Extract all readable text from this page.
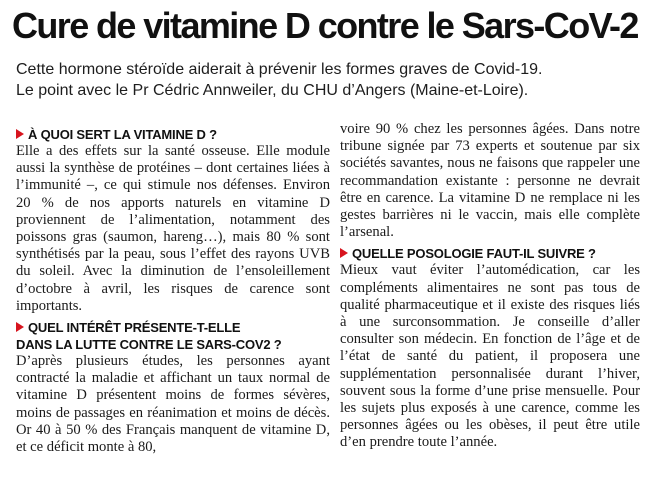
Cure de vitamine D contre le Sars-CoV-2
Cette hormone stéroïde aiderait à prévenir les formes graves de Covid-19.
Le point avec le Pr Cédric Annweiler, du CHU d’Angers (Maine-et-Loire).
À QUOI SERT LA VITAMINE D ?

Elle a des effets sur la santé osseuse. Elle module aussi la synthèse de protéines – dont certaines liées à l’immunité –, ce qui stimule nos défenses. Environ 20 % de nos apports naturels en vitamine D proviennent de l’alimentation, notamment des poissons gras (saumon, hareng…), mais 80 % sont synthétisés par la peau, sous l’effet des rayons UVB du soleil. Avec la diminution de l’ensoleillement d’octobre à avril, les risques de carence sont importants.

QUEL INTÉRÊT PRÉSENTE-T-ELLE
DANS LA LUTTE CONTRE LE SARS-COV2 ?

D’après plusieurs études, les personnes ayant contracté la maladie et affichant un taux normal de vitamine D présentent moins de formes sévères, moins de passages en réanimation et moins de décès. Or 40 à 50 % des Français manquent de vitamine D, et ce déficit monte à 80,

voire 90 % chez les personnes âgées. Dans notre tribune signée par 73 experts et soutenue par six sociétés savantes, nous ne faisons que rappeler une recommandation existante : personne ne devrait être en carence. La vitamine D ne remplace ni les gestes barrières ni le vaccin, mais elle complète l’arsenal.

QUELLE POSOLOGIE FAUT-IL SUIVRE ?

Mieux vaut éviter l’automédication, car les compléments alimentaires ne sont pas tous de qualité pharmaceutique et il existe des risques liés à une surconsommation. Je conseille d’aller consulter son médecin. En fonction de l’âge et de l’état de santé du patient, il proposera une supplémentation personnalisée durant l’hiver, souvent sous la forme d’une prise mensuelle. Pour les sujets plus exposés à une carence, comme les personnes âgées ou les obèses, il peut être utile d’en prendre toute l’année.
